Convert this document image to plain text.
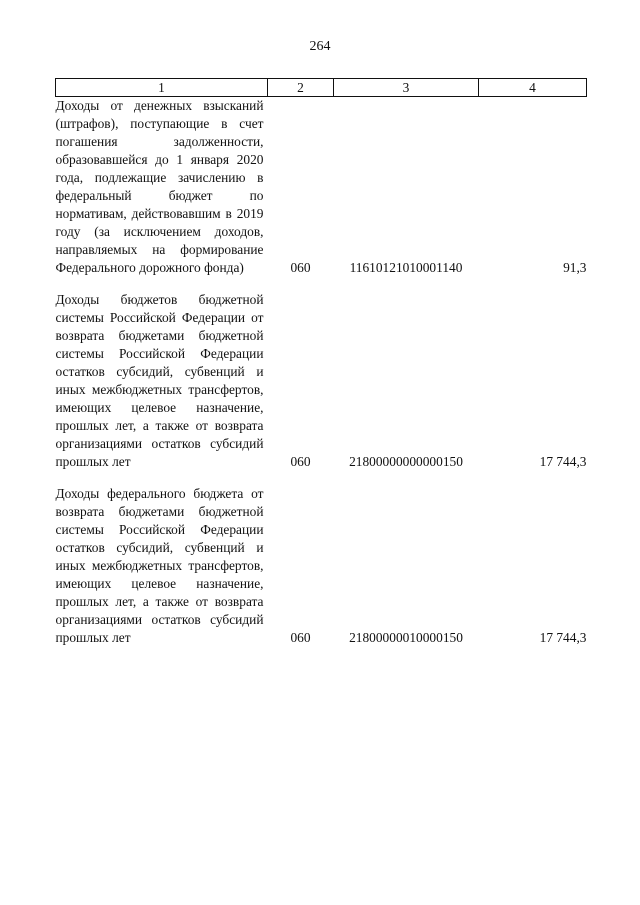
264
1	2	3	4
Доходы от денежных взысканий (штрафов), поступающие в счет погашения задолженности, образовавшейся до 1 января 2020 года, подлежащие зачислению в федеральный бюджет по нормативам, действовавшим в 2019 году (за исключением доходов, направляемых на формирование Федерального дорожного фонда)	060	11610121010001140	91,3
Доходы бюджетов бюджетной системы Российской Федерации от возврата бюджетами бюджетной системы Российской Федерации остатков субсидий, субвенций и иных межбюджетных трансфертов, имеющих целевое назначение, прошлых лет, а также от возврата организациями остатков субсидий прошлых лет	060	21800000000000150	17 744,3
Доходы федерального бюджета от возврата бюджетами бюджетной системы Российской Федерации остатков субсидий, субвенций и иных межбюджетных трансфертов, имеющих целевое назначение, прошлых лет, а также от возврата организациями остатков субсидий прошлых лет	060	21800000010000150	17 744,3
